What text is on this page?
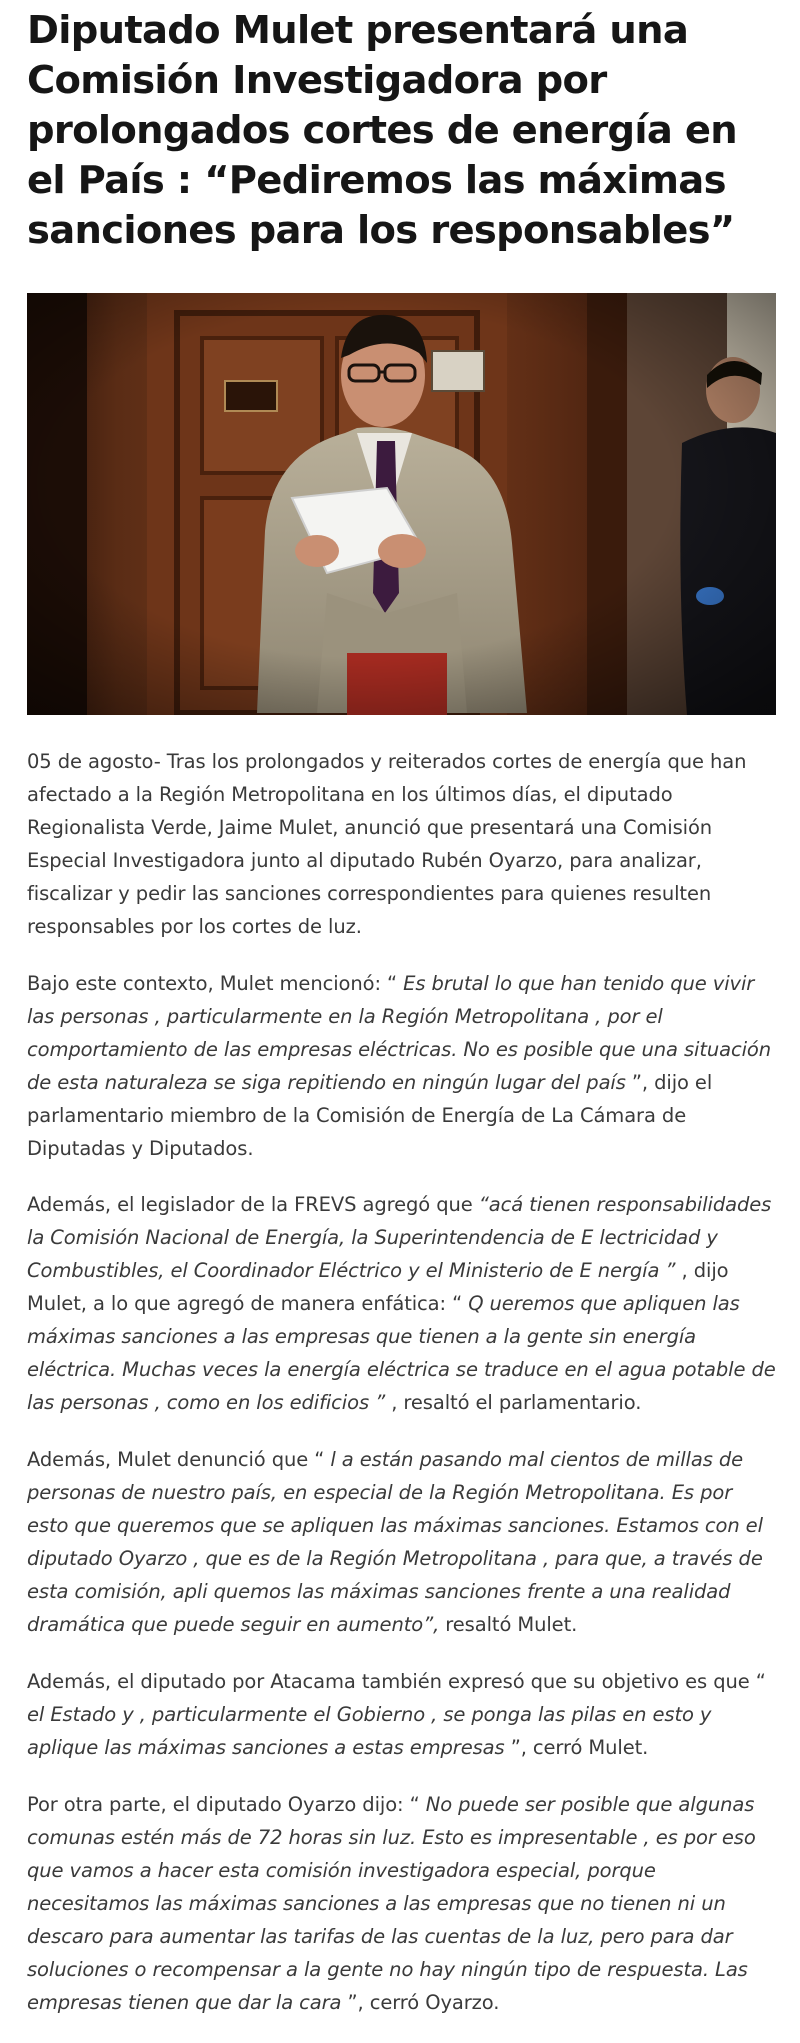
Diputado Mulet presentará una Comisión Investigadora por prolongados cortes de energía en el País : “Pediremos las máximas sanciones para los responsables”

05 de agosto- Tras los prolongados y reiterados cortes de energía que han afectado a la Región Metropolitana en los últimos días, el diputado Regionalista Verde, Jaime Mulet, anunció que presentará una Comisión Especial Investigadora junto al diputado Rubén Oyarzo, para analizar, fiscalizar y pedir las sanciones correspondientes para quienes resulten responsables por los cortes de luz.

Bajo este contexto, Mulet mencionó: “ Es brutal lo que han tenido que vivir las personas , particularmente en la Región Metropolitana , por el comportamiento de las empresas eléctricas. No es posible que una situación de esta naturaleza se siga repitiendo en ningún lugar del país ”, dijo el parlamentario miembro de la Comisión de Energía de La Cámara de Diputadas y Diputados.

Además, el legislador de la FREVS agregó que “acá tienen responsabilidades la Comisión Nacional de Energía, la Superintendencia de E lectricidad y Combustibles, el Coordinador Eléctrico y el Ministerio de E nergía ” , dijo Mulet, a lo que agregó de manera enfática: “ Q ueremos que apliquen las máximas sanciones a las empresas que tienen a la gente sin energía eléctrica. Muchas veces la energía eléctrica se traduce en el agua potable de las personas , como en los edificios ” , resaltó el parlamentario.

Además, Mulet denunció que “ l a están pasando mal cientos de millas de personas de nuestro país, en especial de la Región Metropolitana. Es por esto que queremos que se apliquen las máximas sanciones. Estamos con el diputado Oyarzo , que es de la Región Metropolitana , para que, a través de esta comisión, apli quemos las máximas sanciones frente a una realidad dramática que puede seguir en aumento”, resaltó Mulet.

Además, el diputado por Atacama también expresó que su objetivo es que “ el Estado y , particularmente el Gobierno , se ponga las pilas en esto y aplique las máximas sanciones a estas empresas ”, cerró Mulet.

Por otra parte, el diputado Oyarzo dijo: “ No puede ser posible que algunas comunas estén más de 72 horas sin luz. Esto es impresentable , es por eso que vamos a hacer esta comisión investigadora especial, porque necesitamos las máximas sanciones a las empresas que no tienen ni un descaro para aumentar las tarifas de las cuentas de la luz, pero para dar soluciones o recompensar a la gente no hay ningún tipo de respuesta. Las empresas tienen que dar la cara ”, cerró Oyarzo.
